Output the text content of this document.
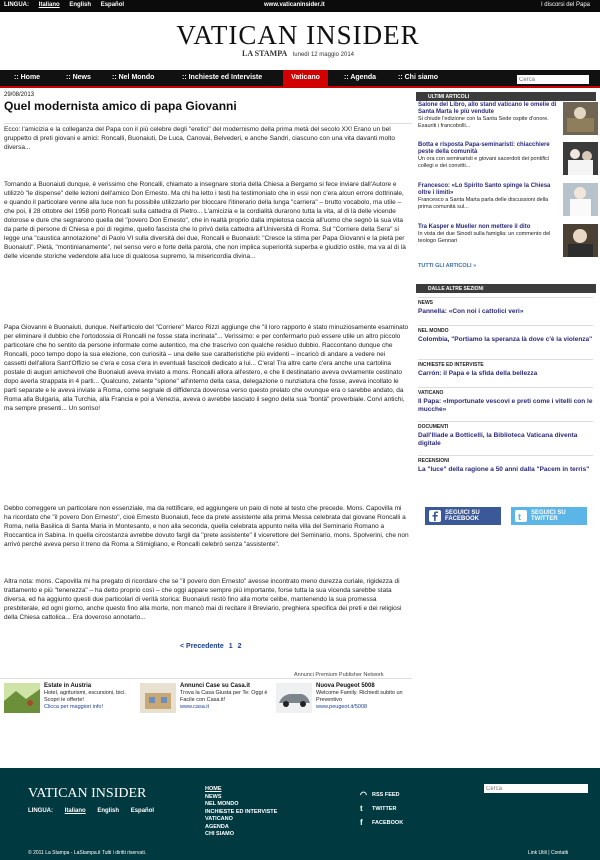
LINGUA: Italiano English Español	www.vaticaninsider.it	I discorsi del Papa
VATICAN INSIDER
LA STAMPA lunedì 12 maggio 2014
:: Home	:: News	:: Nel Mondo	:: Inchieste ed Interviste	Vaticano	:: Agenda	:: Chi siamo
Cerca
29/08/2013
Quel modernista amico di papa Giovanni

Ecco: l'amicizia e la colleganza del Papa con il più celebre degli "eretici" del modernismo della prima metà del secolo XX! Erano un bel gruppetto di preti giovani e amici: Roncalli, Buonaiuti, De Luca, Canovai, Belvederi, e anche Sandri, ciascuno con una vita davanti molto diversa...

Tornando a Buonaiuti dunque, è verissimo che Roncalli, chiamato a insegnare storia della Chiesa a Bergamo si fece inviare dall'Autore e utilizzò "le dispense" delle lezioni dell'amico Don Ernesto. Ma chi ha letto i testi ha testimoniato che in essi non c'era alcun errore dottrinale, e quando il particolare venne alla luce non fu possibile utilizzarlo per bloccare l'itinerario della lunga "carriera" – brutto vocabolo, ma utile – che poi, il 28 ottobre del 1958 portò Roncalli sulla cattedra di Pietro... L'amicizia e la cordialità durarono tutta la vita, al di là delle vicende dolorose e dure che segnarono quella del "povero Don Ernesto", che in realtà proprio dalla impietosa caccia all'uomo che segnò la sua vita da parte di persone di Chiesa e poi di regime, quello fascista che lo privò della cattedra all'Università di Roma. Sul "Corriere della Sera" si legge una "caustica annotazione" di Paolo VI sulla diversità dei due, Roncalli e Buonaiuti: "Cresce la stima per Papa Giovanni e la pietà per Buonaiuti". Pietà, "montinianamente", nel senso vero e forte della parola, che non implica superiorità superba e giudizio ostile, ma va al di là delle vicende storiche vedendole alla luce di qualcosa supremo, la misericordia divina...

Papa Giovanni è Buonaiuti, dunque. Nell'articolo del "Corriere" Marco Rizzi aggiunge che "il loro rapporto è stato minuziosamente esaminato per eliminare il dubbio che l'ortodossia di Roncalli ne fosse stata incrinata"... Verissimo: e per confermarlo può essere utile un altro piccolo particolare che ho sentito da persone informate come autentico, ma che trascrivo con qualche residuo dubbio. Raccontano dunque che Roncalli, poco tempo dopo la sua elezione, con curiosità – una delle sue caratteristiche più evidenti – incaricò di andare a vedere nei cassetti dell'allora Sant'Offizio se c'era e cosa c'era in eventuali fascicoli dedicato a lui... C'era! Tra altre carte c'era anche una cartolina postale di auguri amichevoli che Buonaiuti aveva inviato a mons. Roncalli allora all'estero, e che il destinatario aveva ovviamente cestinato dopo averla strappata in 4 parti... Qualcuno, zelante "spione" all'interno della casa, delegazione o nunziatura che fosse, aveva incollato le parti separate e le aveva inviate a Roma, come segnale di diffidenza doverosa verso questo prelato che ovunque era o sarebbe andato, da Roma alla Bulgaria, alla Turchia, alla Francia e poi a Venezia, aveva o avrebbe lasciato il segno della sua "bontà" proverbiale. Corvi antichi, ma sempre presenti... Un sorriso!

Debbo correggere un particolare non essenziale, ma da rettificare, ed aggiungere un paio di note al testo che precede. Mons. Capovilla mi ha ricordato che "il povero Don Ernesto", cioè Ernesto Buonaiuti, fece da prete assistente alla prima Messa celebrata dal giovane Roncalli a Roma, nella Basilica di Santa Maria in Montesanto, e non alla seconda, quella celebrata appunto nella villa del Seminario Romano a Roccantica in Sabina. In quella circostanza avrebbe dovuto fargli da "prete assistente" il vicerettore del Seminario, mons. Spolverini, che non arrivò perché aveva perso il treno da Roma a Stimigliano, e Roncalli celebrò senza "assistente".

Altra nota: mons. Capovilla mi ha pregato di ricordare che se "il povero don Ernesto" avesse incontrato meno durezza curiale, rigidezza di trattamento e più "tenerezza" – ha detto proprio così – che oggi appare sempre più importante, forse tutta la sua vicenda sarebbe stata diversa, ed ha aggiunto questi due particolari di verità storica: Buonaiuti restò fino alla morte celibe, mantenendo la sua promessa presbiterale, ed ogni giorno, anche questo fino alla morte, non mancò mai di recitare il Breviario, preghiera specifica dei preti e dei religiosi della Chiesa cattolica... Era doveroso annotarlo...

< Precedente 1 2
Annunci Premium Publisher Network
Estate in Austria
Hotel, agriturismi, escursioni, bici. Scopri le offerte!
Clicca per maggiori info!
Annunci Case su Casa.it
Trova la Casa Giusta per Te: Oggi è Facile con Casa.it!
www.casa.it
Nuova Peugeot 5008
Welcome Family. Richiedi subito un Preventivo
www.peugeot.it/5008
ULTIMI ARTICOLI
Salone del Libro, allo stand vaticano le omelie di Santa Marta le più vendute
Si chiude l'edizione con la Santa Sede ospite d'onore. Esauriti i francobolli...
Botta e risposta Papa-seminaristi: chiacchiere peste della comunità
Un ora con seminaristi e giovani sacerdoti dei pontifici collegi e dei convitti...
Francesco: «Lo Spirito Santo spinge la Chiesa oltre i limiti»
Francesco a Santa Marta parla delle discussioni della prima comunità sul...
Tra Kasper e Mueller non mettere il dito
In vista dei due Sinodi sulla famiglia: un commento del teologo Gennari
TUTTI GLI ARTICOLI »
DALLE ALTRE SEZIONI
NEWS
Pannella: «Con noi i cattolici veri»
NEL MONDO
Colombia, "Portiamo la speranza là dove c'è la violenza"
INCHIESTE ED INTERVISTE
Carrón: il Papa e la sfida della bellezza
VATICANO
Il Papa: «Importunate vescovi e preti come i vitelli con le mucche»
DOCUMENTI
Dall'Iliade a Botticelli, la Biblioteca Vaticana diventa digitale
RECENSIONI
La "luce" della ragione a 50 anni dalla "Pacem in terris"
SEGUICI SU FACEBOOK	t SEGUICI SU TWITTER
VATICAN INSIDER
LINGUA: Italiano English Español
HOME
NEWS
NEL MONDO
INCHIESTE ED INTERVISTE
VATICANO
AGENDA
CHI SIAMO
◠ RSS FEED
t TWITTER
f FACEBOOK
Cerca
© 2011 La Stampa - LaStampa.it Tutti i diritti riservati.	Link Utili | Contatti
